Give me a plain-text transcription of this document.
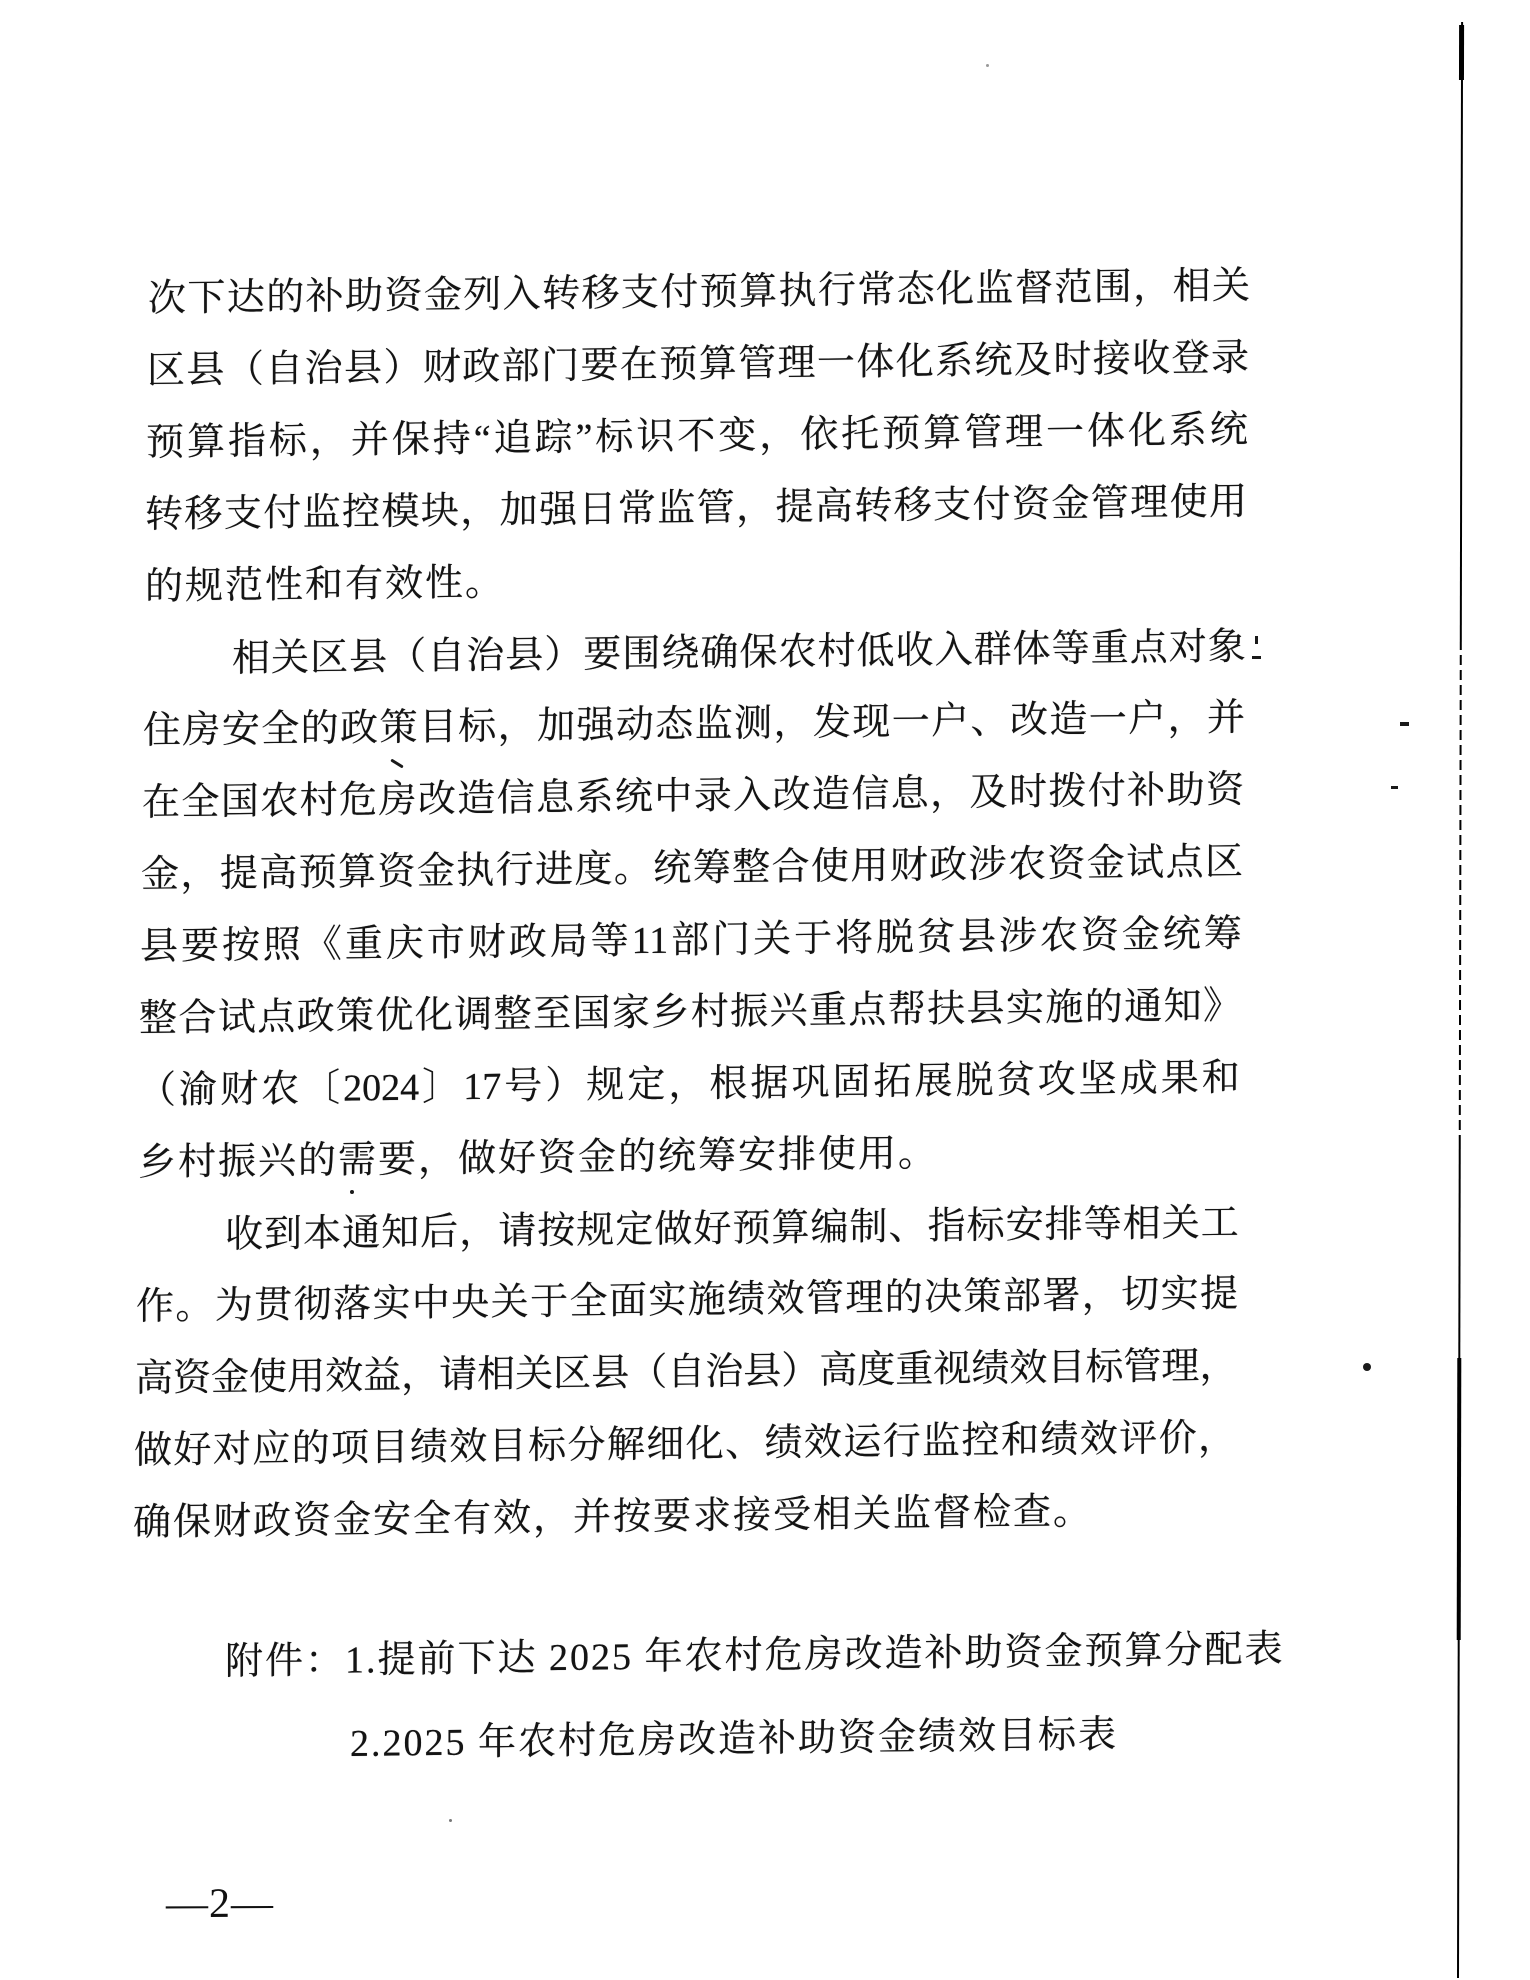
次 下 达 的 补 助 资 金 列 入 转 移 支 付 预 算 执 行 常 态 化 监 督 范 围 ， 相 关
区 县 （ 自 治 县 ） 财 政 部 门 要 在 预 算 管 理 一 体 化 系 统 及 时 接 收 登 录
预 算 指 标 ， 并 保 持 “ 追 踪 ” 标 识 不 变 ， 依 托 预 算 管 理 一 体 化 系 统
转 移 支 付 监 控 模 块 ， 加 强 日 常 监 管 ， 提 高 转 移 支 付 资 金 管 理 使 用
的规范性和有效性。
相 关 区 县 （ 自 治 县 ） 要 围 绕 确 保 农 村 低 收 入 群 体 等 重 点 对 象
住 房 安 全 的 政 策 目 标 ， 加 强 动 态 监 测 ， 发 现 一 户 、 改 造 一 户 ， 并
在 全 国 农 村 危 房 改 造 信 息 系 统 中 录 入 改 造 信 息 ， 及 时 拨 付 补 助 资
金 ， 提 高 预 算 资 金 执 行 进 度 。 统 筹 整 合 使 用 财 政 涉 农 资 金 试 点 区
县 要 按 照 《 重 庆 市 财 政 局 等 11 部 门 关 于 将 脱 贫 县 涉 农 资 金 统 筹
整 合 试 点 政 策 优 化 调 整 至 国 家 乡 村 振 兴 重 点 帮 扶 县 实 施 的 通 知 》
（ 渝 财 农 〔 2024 〕 17 号 ） 规 定 ， 根 据 巩 固 拓 展 脱 贫 攻 坚 成 果 和
乡村振兴的需要，做好资金的统筹安排使用。
收 到 本 通 知 后 ， 请 按 规 定 做 好 预 算 编 制 、 指 标 安 排 等 相 关 工
作 。 为 贯 彻 落 实 中 央 关 于 全 面 实 施 绩 效 管 理 的 决 策 部 署 ， 切 实 提
高 资 金 使 用 效 益 ， 请 相 关 区 县 （ 自 治 县 ） 高 度 重 视 绩 效 目 标 管 理 ，
做 好 对 应 的 项 目 绩 效 目 标 分 解 细 化 、 绩 效 运 行 监 控 和 绩 效 评 价 ，
确保财政资金安全有效，并按要求接受相关监督检查。
附件：1.提前下达 2025 年农村危房改造补助资金预算分配表
2.2025 年农村危房改造补助资金绩效目标表
—2—
